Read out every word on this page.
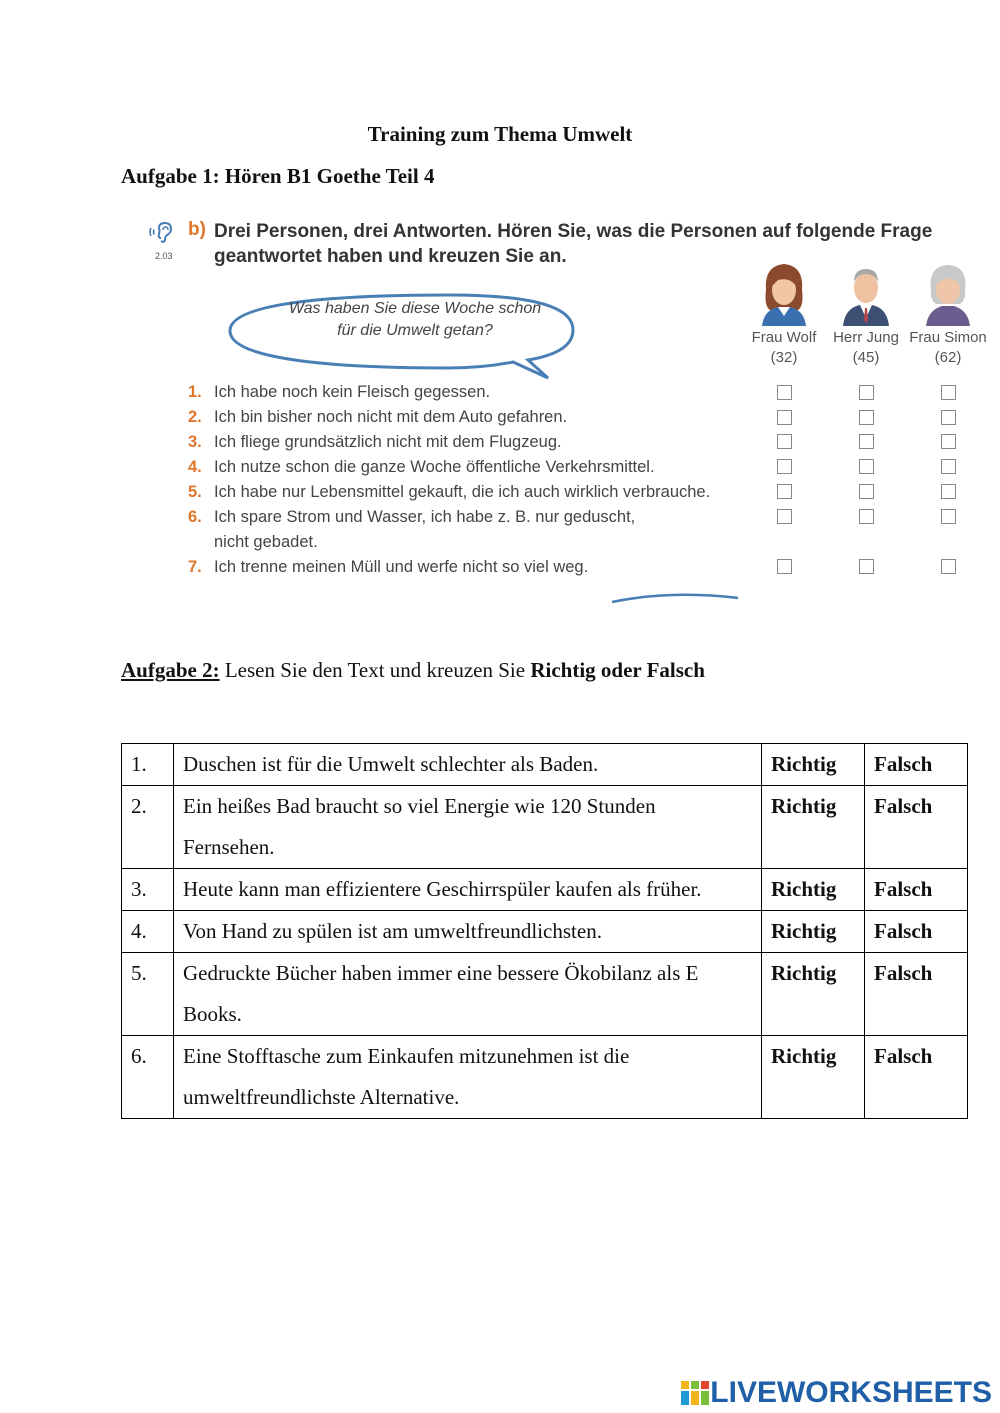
Training zum Thema Umwelt
Aufgabe 1: Hören B1 Goethe Teil 4
2.03
b) Drei Personen, drei Antworten. Hören Sie, was die Personen auf folgende Frage geantwortet haben und kreuzen Sie an.
Was haben Sie diese Woche schon
für die Umwelt getan?	Frau Wolf
(32)
Herr Jung
(45)
Frau Simon
(62)
1. Ich habe noch kein Fleisch gegessen.
2. Ich bin bisher noch nicht mit dem Auto gefahren.
3. Ich fliege grundsätzlich nicht mit dem Flugzeug.
4. Ich nutze schon die ganze Woche öffentliche Verkehrsmittel.
5. Ich habe nur Lebensmittel gekauft, die ich auch wirklich verbrauche.
6. Ich spare Strom und Wasser, ich habe z. B. nur geduscht,
nicht gebadet.
7. Ich trenne meinen Müll und werfe nicht so viel weg.
Aufgabe 2: Lesen Sie den Text und kreuzen Sie Richtig oder Falsch
1.	Duschen ist für die Umwelt schlechter als Baden.	Richtig	Falsch
2.	Ein heißes Bad braucht so viel Energie wie 120 Stunden Fernsehen.	Richtig	Falsch
3.	Heute kann man effizientere Geschirrspüler kaufen als früher.	Richtig	Falsch
4.	Von Hand zu spülen ist am umweltfreundlichsten.	Richtig	Falsch
5.	Gedruckte Bücher haben immer eine bessere Ökobilanz als E Books.	Richtig	Falsch
6.	Eine Stofftasche zum Einkaufen mitzunehmen ist die umweltfreundlichste Alternative.	Richtig	Falsch
LIVEWORKSHEETS
